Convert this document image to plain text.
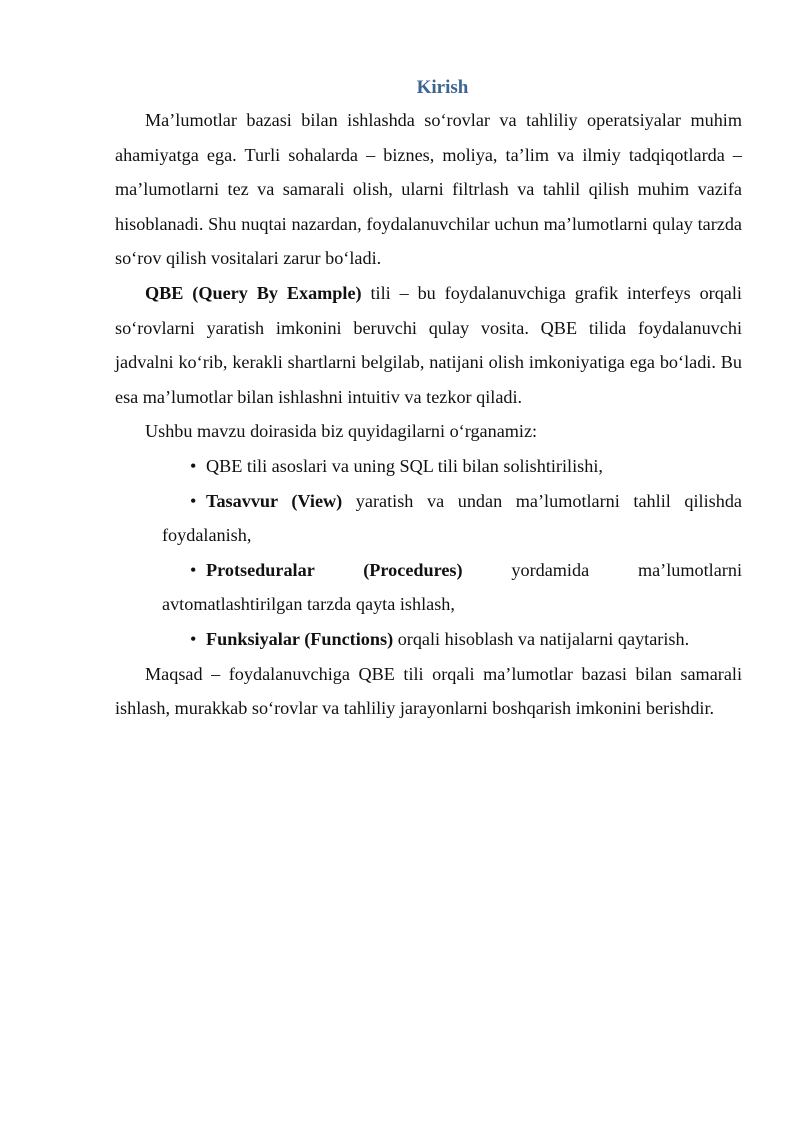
Kirish

Ma’lumotlar bazasi bilan ishlashda so‘rovlar va tahliliy operatsiyalar muhim ahamiyatga ega. Turli sohalarda – biznes, moliya, ta’lim va ilmiy tadqiqotlarda – ma’lumotlarni tez va samarali olish, ularni filtrlash va tahlil qilish muhim vazifa hisoblanadi. Shu nuqtai nazardan, foydalanuvchilar uchun ma’lumotlarni qulay tarzda so‘rov qilish vositalari zarur bo‘ladi.

QBE (Query By Example) tili – bu foydalanuvchiga grafik interfeys orqali so‘rovlarni yaratish imkonini beruvchi qulay vosita. QBE tilida foydalanuvchi jadvalni ko‘rib, kerakli shartlarni belgilab, natijani olish imkoniyatiga ega bo‘ladi. Bu esa ma’lumotlar bilan ishlashni intuitiv va tezkor qiladi.

Ushbu mavzu doirasida biz quyidagilarni o‘rganamiz:

• QBE tili asoslari va uning SQL tili bilan solishtirilishi,
• Tasavvur (View) yaratish va undan ma’lumotlarni tahlil qilishda foydalanish,
• Protseduralar (Procedures) yordamida ma’lumotlarni avtomatlashtirilgan tarzda qayta ishlash,
• Funksiyalar (Functions) orqali hisoblash va natijalarni qaytarish.

Maqsad – foydalanuvchiga QBE tili orqali ma’lumotlar bazasi bilan samarali ishlash, murakkab so‘rovlar va tahliliy jarayonlarni boshqarish imkonini berishdir.
